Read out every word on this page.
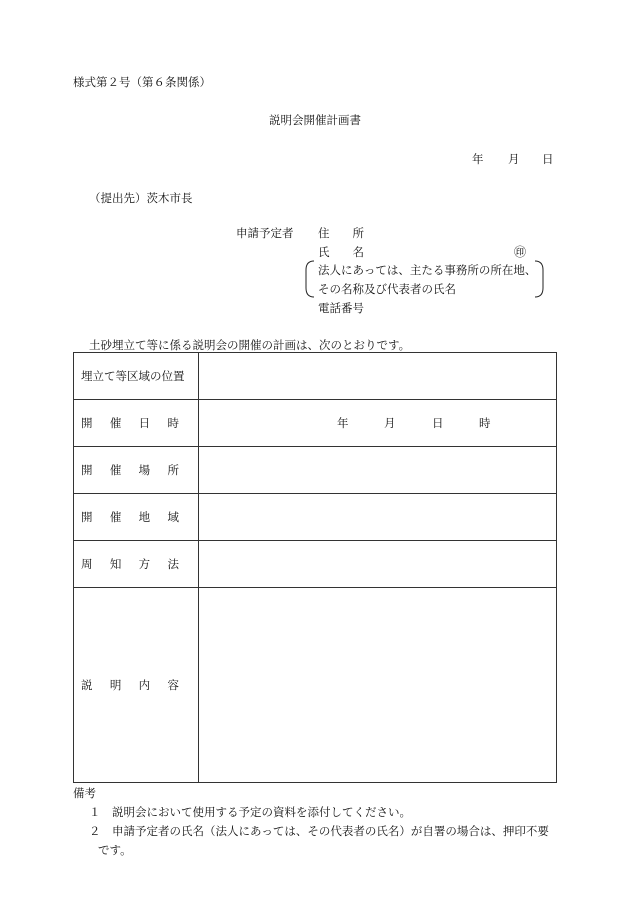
様式第２号（第６条関係）
説明会開催計画書
年 月 日
（提出先）茨木市長
申請予定者 住　　所
氏　　名	㊞
法人にあっては、主たる事務所の所在地、
その名称及び代表者の氏名
電話番号
土砂埋立て等に係る説明会の開催の計画は、次のとおりです。
埋立て等区域の位置	

開 催 日 時	年 月 日 時

開 催 場 所	

開 催 地 域	

周 知 方 法	

説 明 内 容	

備考
１　説明会において使用する予定の資料を添付してください。
２　申請予定者の氏名（法人にあっては、その代表者の氏名）が自署の場合は、押印不要
です。
